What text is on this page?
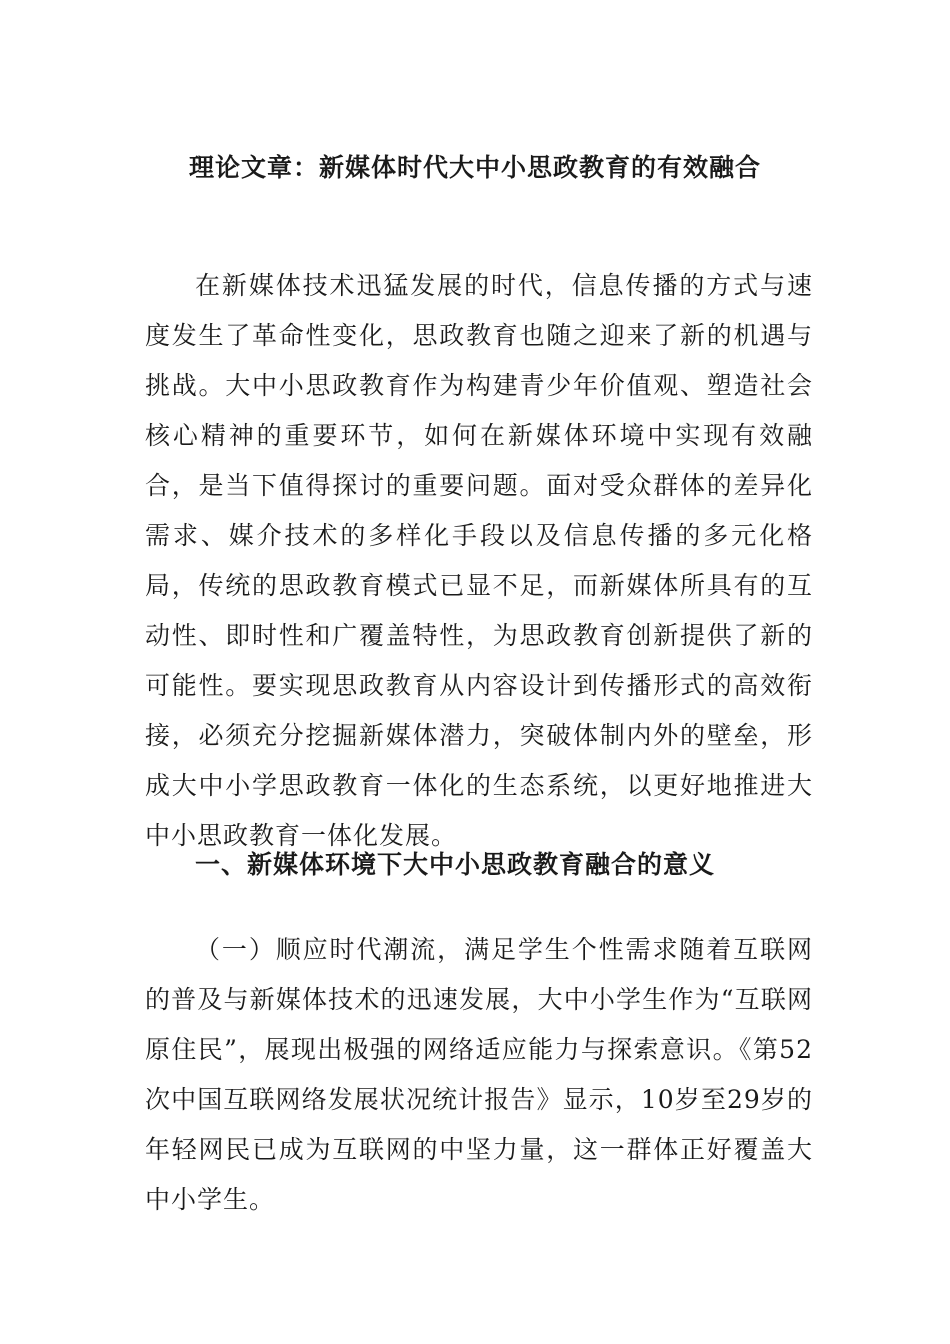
理论文章：新媒体时代大中小思政教育的有效融合

在新媒体技术迅猛发展的时代，信息传播的方式与速度发生了革命性变化，思政教育也随之迎来了新的机遇与挑战。大中小思政教育作为构建青少年价值观、塑造社会核心精神的重要环节，如何在新媒体环境中实现有效融合，是当下值得探讨的重要问题。面对受众群体的差异化需求、媒介技术的多样化手段以及信息传播的多元化格局，传统的思政教育模式已显不足，而新媒体所具有的互动性、即时性和广覆盖特性，为思政教育创新提供了新的可能性。要实现思政教育从内容设计到传播形式的高效衔接，必须充分挖掘新媒体潜力，突破体制内外的壁垒，形成大中小学思政教育一体化的生态系统，以更好地推进大中小思政教育一体化发展。

一、新媒体环境下大中小思政教育融合的意义

（一）顺应时代潮流，满足学生个性需求随着互联网的普及与新媒体技术的迅速发展，大中小学生作为“互联网原住民”，展现出极强的网络适应能力与探索意识。《第52次中国互联网络发展状况统计报告》显示，10岁至29岁的年轻网民已成为互联网的中坚力量，这一群体正好覆盖大中小学生。
